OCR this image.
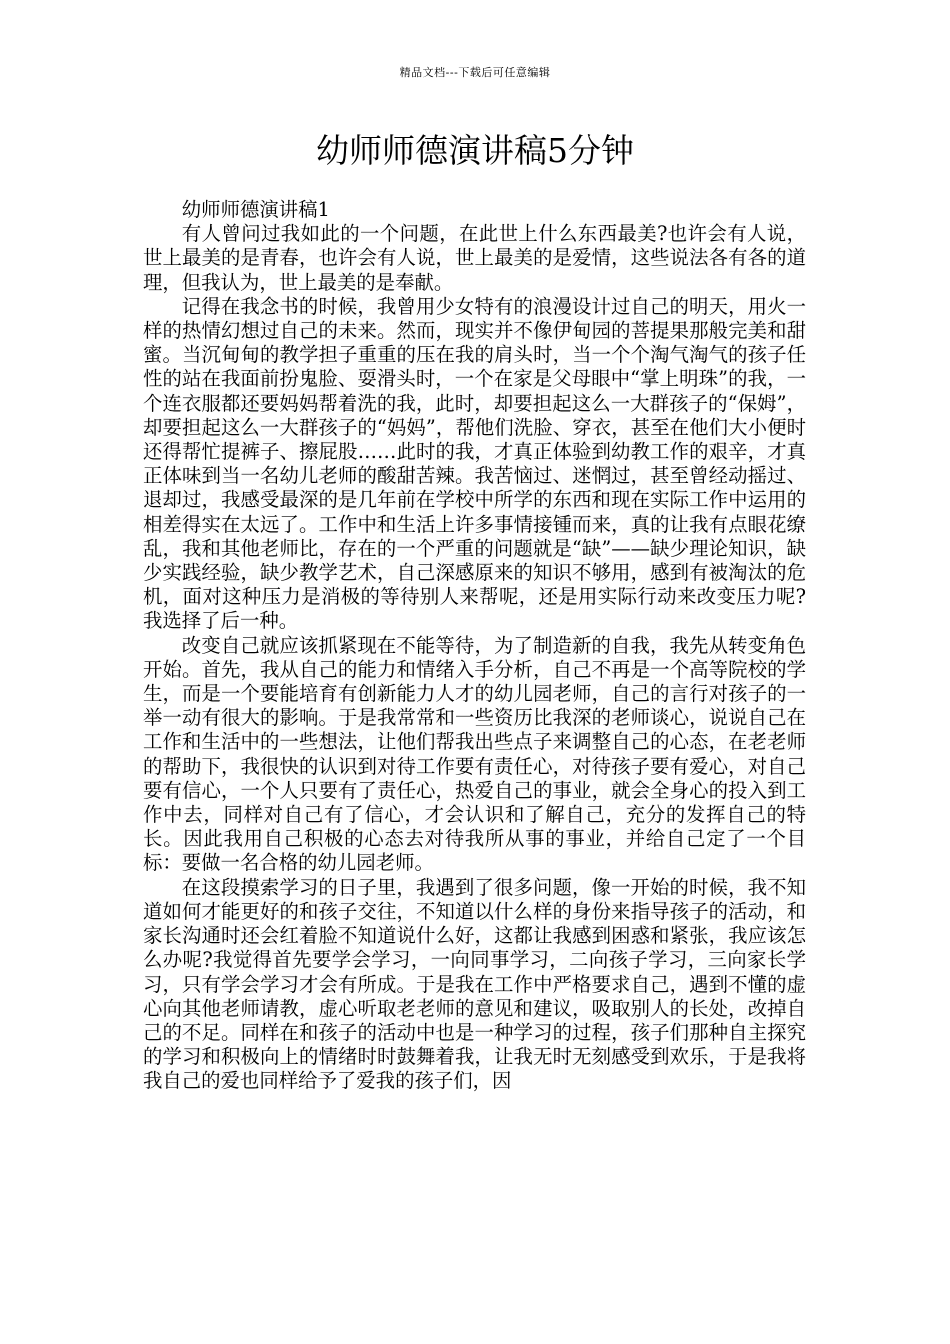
精品文档---下载后可任意编辑
幼师师德演讲稿5分钟
幼师师德演讲稿1

有人曾问过我如此的一个问题，在此世上什么东西最美?也许会有人说，世上最美的是青春，也许会有人说，世上最美的是爱情，这些说法各有各的道理，但我认为，世上最美的是奉献。

记得在我念书的时候，我曾用少女特有的浪漫设计过自己的明天，用火一样的热情幻想过自己的未来。然而，现实并不像伊甸园的菩提果那般完美和甜蜜。当沉甸甸的教学担子重重的压在我的肩头时，当一个个淘气淘气的孩子任性的站在我面前扮鬼脸、耍滑头时，一个在家是父母眼中“掌上明珠”的我，一个连衣服都还要妈妈帮着洗的我，此时，却要担起这么一大群孩子的“保姆”，却要担起这么一大群孩子的“妈妈”，帮他们洗脸、穿衣，甚至在他们大小便时还得帮忙提裤子、擦屁股……此时的我，才真正体验到幼教工作的艰辛，才真正体味到当一名幼儿老师的酸甜苦辣。我苦恼过、迷惘过，甚至曾经动摇过、退却过，我感受最深的是几年前在学校中所学的东西和现在实际工作中运用的相差得实在太远了。工作中和生活上许多事情接锺而来，真的让我有点眼花缭乱，我和其他老师比，存在的一个严重的问题就是“缺”——缺少理论知识，缺少实践经验，缺少教学艺术，自己深感原来的知识不够用，感到有被淘汰的危机，面对这种压力是消极的等待别人来帮呢，还是用实际行动来改变压力呢?我选择了后一种。

改变自己就应该抓紧现在不能等待，为了制造新的自我，我先从转变角色开始。首先，我从自己的能力和情绪入手分析，自己不再是一个高等院校的学生，而是一个要能培育有创新能力人才的幼儿园老师，自己的言行对孩子的一举一动有很大的影响。于是我常常和一些资历比我深的老师谈心，说说自己在工作和生活中的一些想法，让他们帮我出些点子来调整自己的心态，在老老师的帮助下，我很快的认识到对待工作要有责任心，对待孩子要有爱心，对自己要有信心，一个人只要有了责任心，热爱自己的事业，就会全身心的投入到工作中去，同样对自己有了信心，才会认识和了解自己，充分的发挥自己的特长。因此我用自己积极的心态去对待我所从事的事业，并给自己定了一个目标：要做一名合格的幼儿园老师。

在这段摸索学习的日子里，我遇到了很多问题，像一开始的时候，我不知道如何才能更好的和孩子交往，不知道以什么样的身份来指导孩子的活动，和家长沟通时还会红着脸不知道说什么好，这都让我感到困惑和紧张，我应该怎么办呢?我觉得首先要学会学习，一向同事学习，二向孩子学习，三向家长学习，只有学会学习才会有所成。于是我在工作中严格要求自己，遇到不懂的虚心向其他老师请教，虚心听取老老师的意见和建议，吸取别人的长处，改掉自己的不足。同样在和孩子的活动中也是一种学习的过程，孩子们那种自主探究的学习和积极向上的情绪时时鼓舞着我，让我无时无刻感受到欢乐，于是我将我自己的爱也同样给予了爱我的孩子们，因
